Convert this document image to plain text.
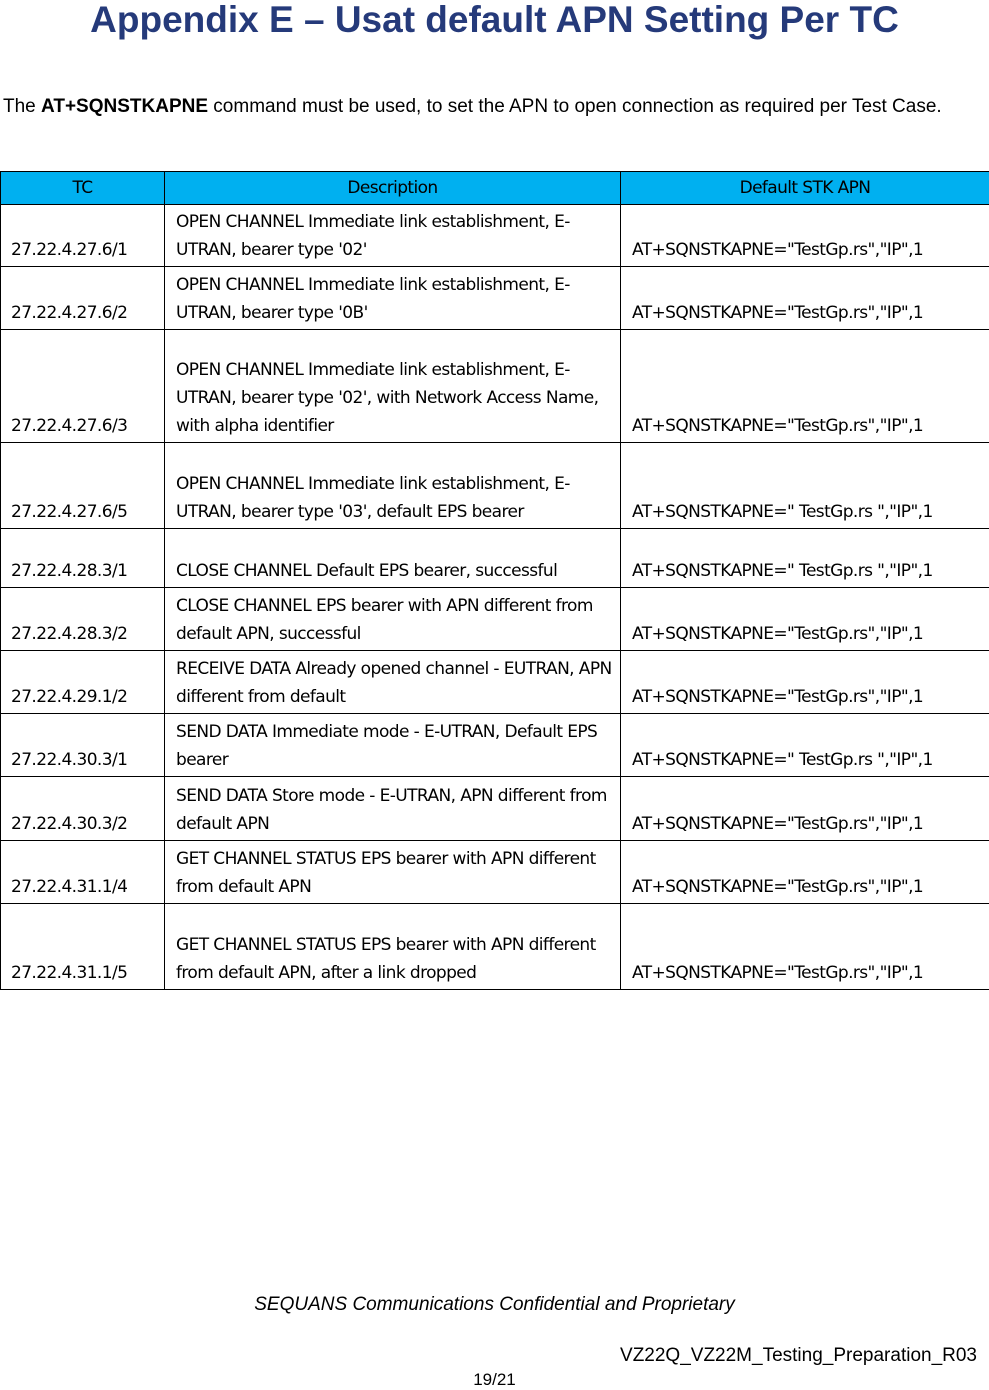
Appendix E – Usat default APN Setting Per TC

The AT+SQNSTKAPNE command must be used, to set the APN to open connection as required per Test Case.

TC	Description	Default STK APN
27.22.4.27.6/1	OPEN CHANNEL Immediate link establishment, E-UTRAN, bearer type '02'	AT+SQNSTKAPNE="TestGp.rs","IP",1
27.22.4.27.6/2	OPEN CHANNEL Immediate link establishment, E-UTRAN, bearer type '0B'	AT+SQNSTKAPNE="TestGp.rs","IP",1
27.22.4.27.6/3	OPEN CHANNEL Immediate link establishment, E-UTRAN, bearer type '02', with Network Access Name, with alpha identifier	AT+SQNSTKAPNE="TestGp.rs","IP",1
27.22.4.27.6/5	OPEN CHANNEL Immediate link establishment, E-UTRAN, bearer type '03', default EPS bearer	AT+SQNSTKAPNE=" TestGp.rs ","IP",1
27.22.4.28.3/1	CLOSE CHANNEL Default EPS bearer, successful	AT+SQNSTKAPNE=" TestGp.rs ","IP",1
27.22.4.28.3/2	CLOSE CHANNEL EPS bearer with APN different from default APN, successful	AT+SQNSTKAPNE="TestGp.rs","IP",1
27.22.4.29.1/2	RECEIVE DATA Already opened channel - EUTRAN, APN different from default	AT+SQNSTKAPNE="TestGp.rs","IP",1
27.22.4.30.3/1	SEND DATA Immediate mode - E-UTRAN, Default EPS bearer	AT+SQNSTKAPNE=" TestGp.rs ","IP",1
27.22.4.30.3/2	SEND DATA Store mode - E-UTRAN, APN different from default APN	AT+SQNSTKAPNE="TestGp.rs","IP",1
27.22.4.31.1/4	GET CHANNEL STATUS EPS bearer with APN different from default APN	AT+SQNSTKAPNE="TestGp.rs","IP",1
27.22.4.31.1/5	GET CHANNEL STATUS EPS bearer with APN different from default APN, after a link dropped	AT+SQNSTKAPNE="TestGp.rs","IP",1
SEQUANS Communications Confidential and Proprietary
VZ22Q_VZ22M_Testing_Preparation_R03
19/21
